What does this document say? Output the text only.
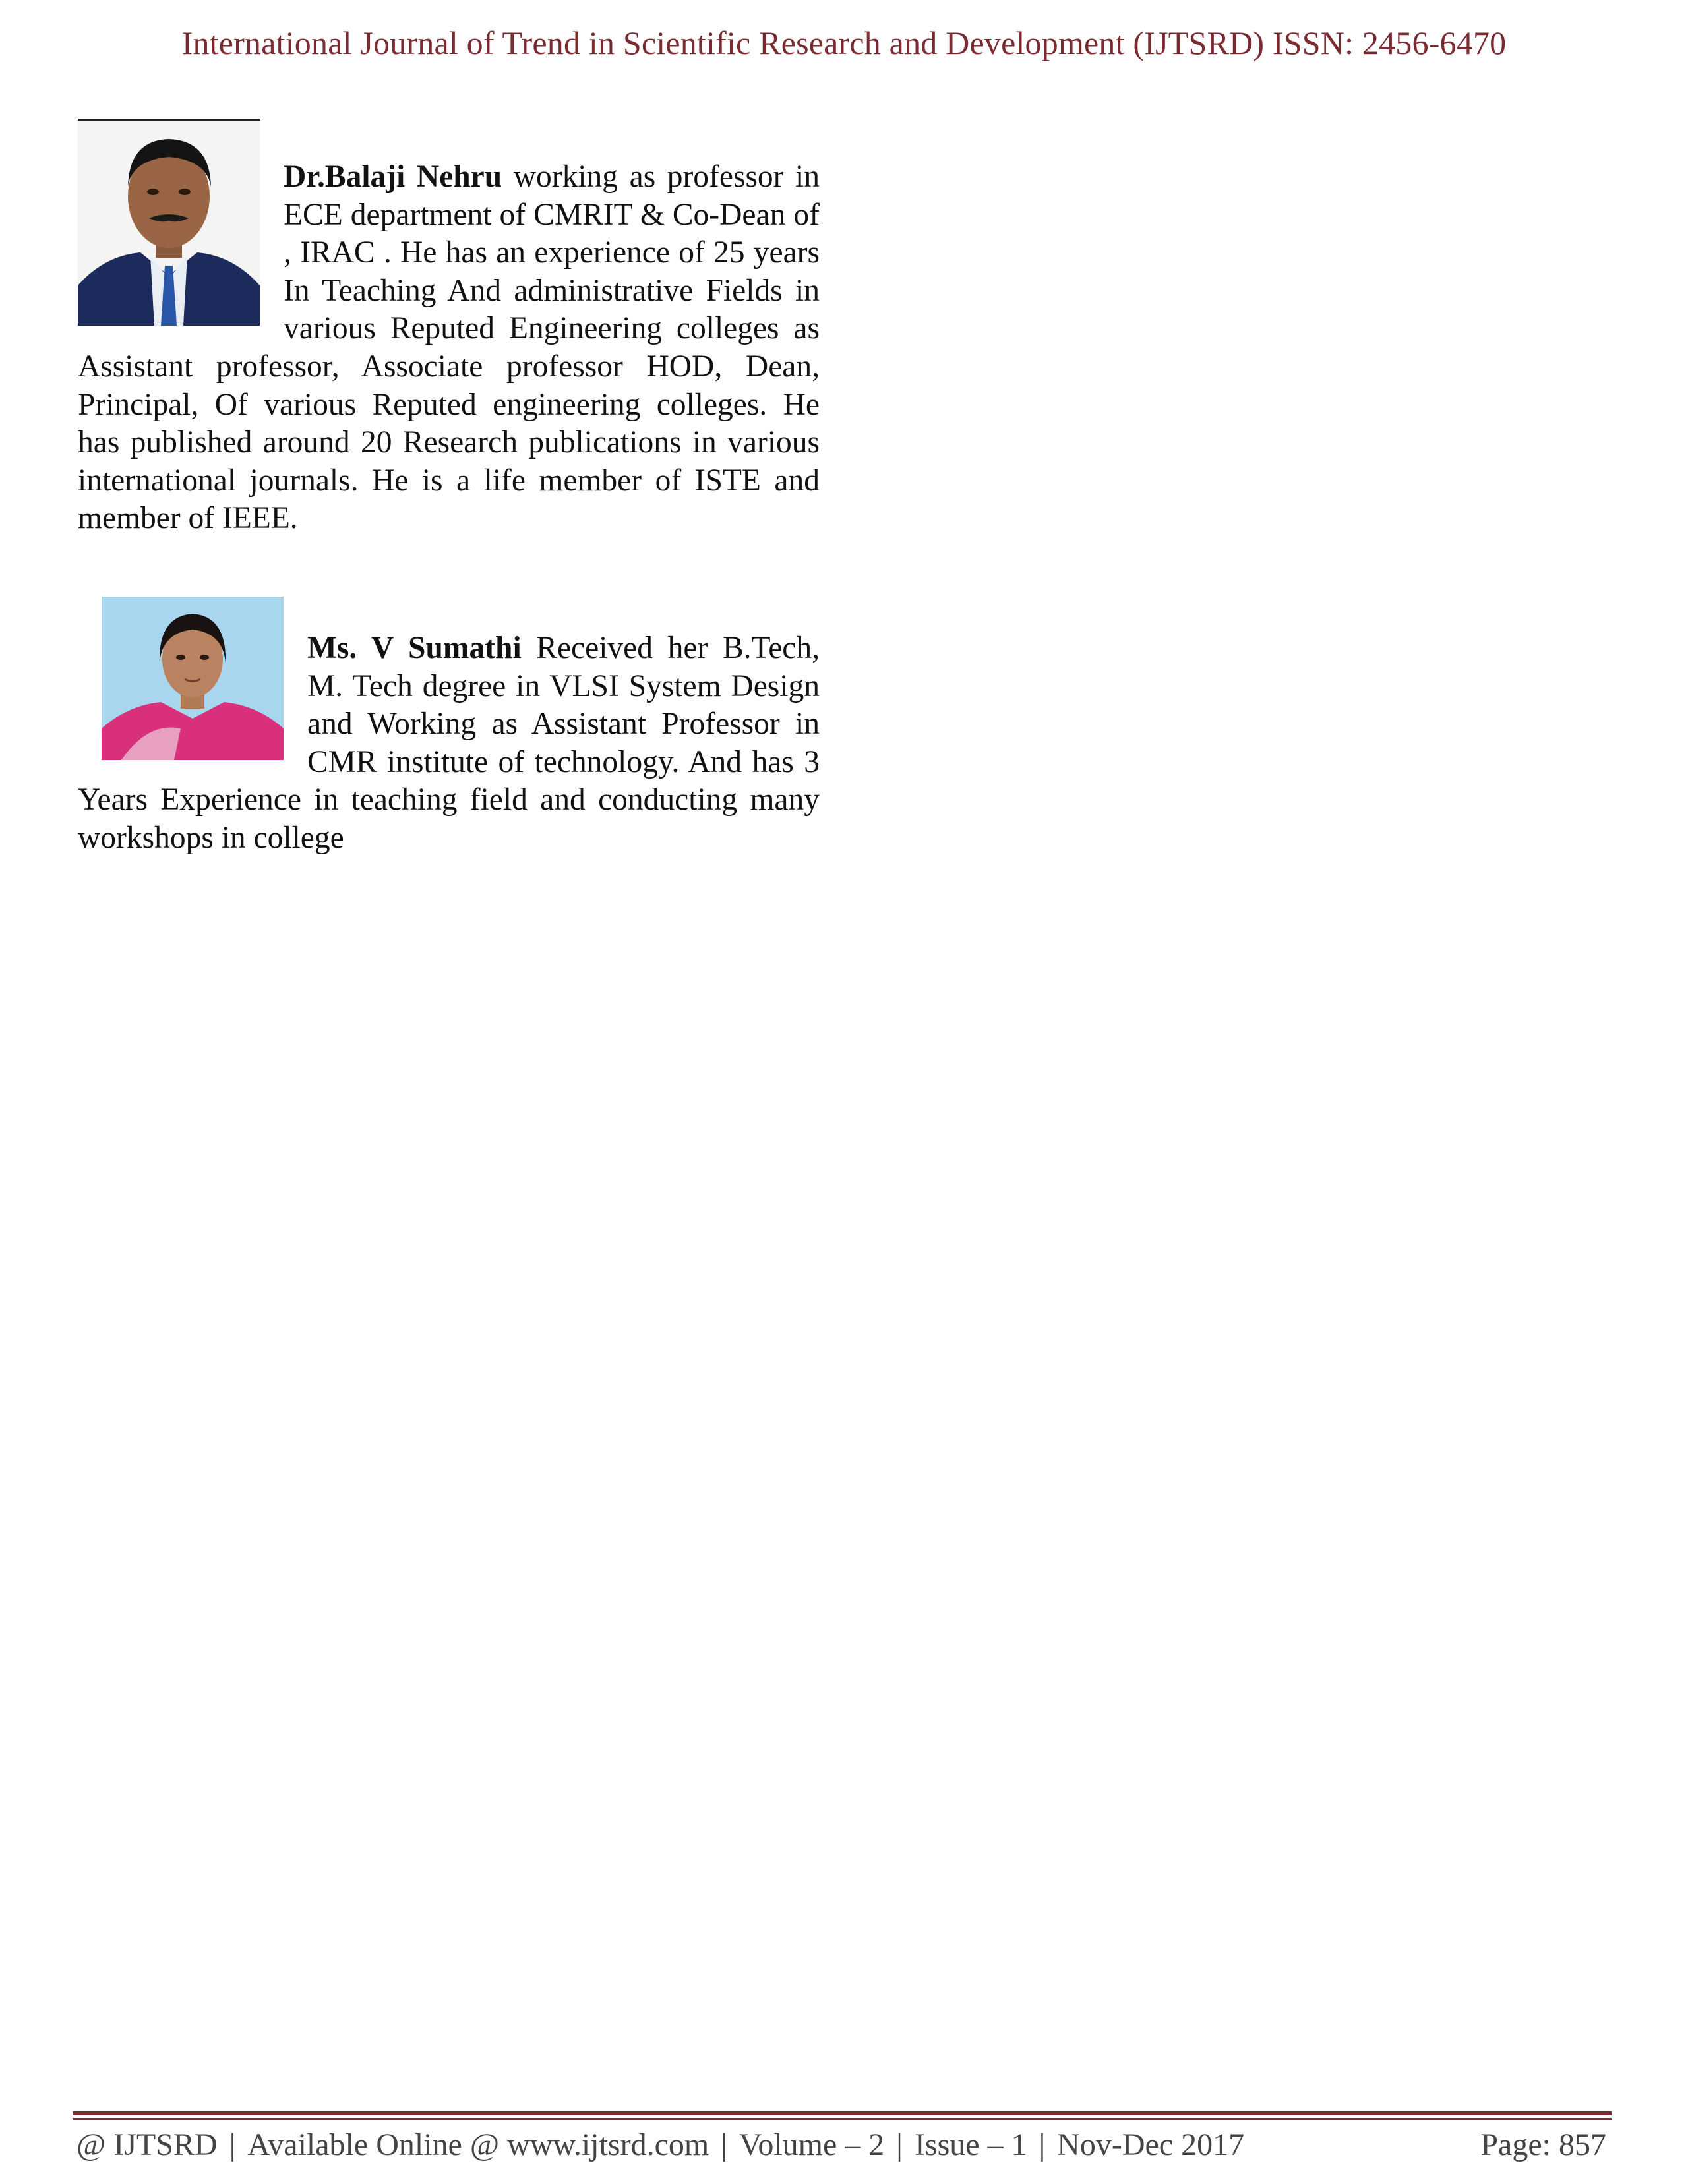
International Journal of Trend in Scientific Research and Development (IJTSRD) ISSN: 2456-6470

Dr.Balaji Nehru working as professor in ECE department of CMRIT & Co-Dean of , IRAC . He has an experience of 25 years In Teaching And administrative Fields in various Reputed Engineering colleges as Assistant professor, Associate professor HOD, Dean, Principal, Of various Reputed engineering colleges. He has published around 20 Research publications in various international journals. He is a life member of ISTE and member of IEEE.

Ms. V Sumathi Received her B.Tech, M. Tech degree in VLSI System Design and Working as Assistant Professor in CMR institute of technology. And has 3 Years Experience in teaching field and conducting many workshops in college

@ IJTSRD | Available Online @ www.ijtsrd.com | Volume – 2 | Issue – 1 | Nov-Dec 2017	Page: 857
